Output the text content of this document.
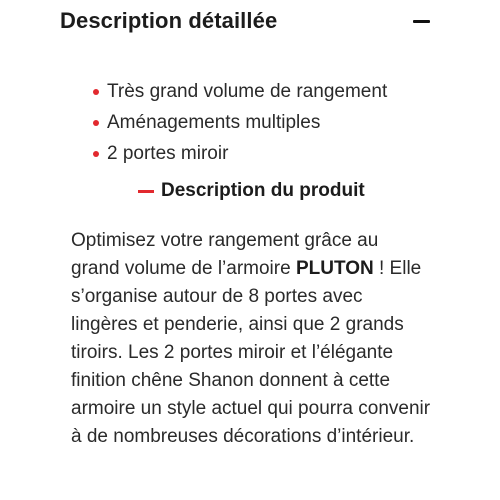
Description détaillée
Très grand volume de rangement
Aménagements multiples
2 portes miroir
Description du produit

Optimisez votre rangement grâce au grand volume de l’armoire PLUTON ! Elle s’organise autour de 8 portes avec lingères et penderie, ainsi que 2 grands tiroirs. Les 2 portes miroir et l’élégante finition chêne Shanon donnent à cette armoire un style actuel qui pourra convenir à de nombreuses décorations d’intérieur.
